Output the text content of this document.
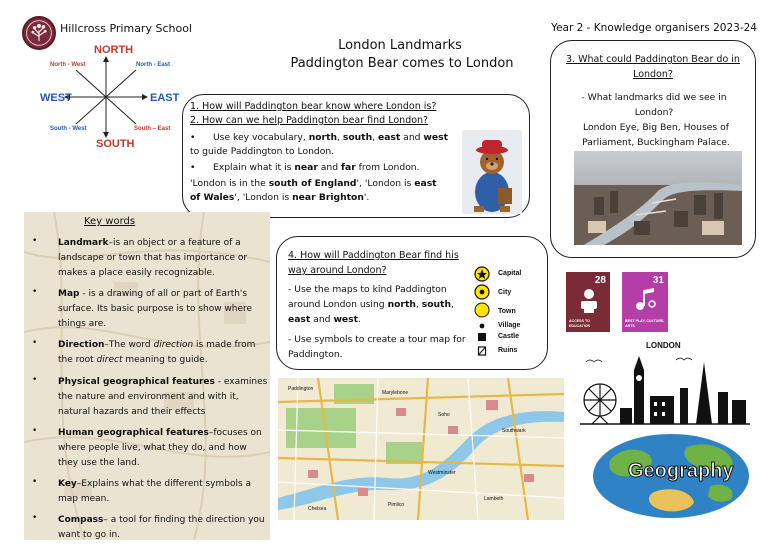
Hillcross Primary School	Year 2 - Knowledge organisers 2023-24
London Landmarks
Paddington Bear comes to London
NORTH
SOUTH
WEST	EAST
North - West	North - East
South - West	South – East
1. How will Paddington bear know where London is?
2. How can we help Paddington bear find London?
•      Use key vocabulary, north, south, east and west to guide Paddington to London.
•      Explain what it is near and far from London.
'London is in the south of England', 'London is east of Wales', 'London is near Brighton'.
3. What could Paddington Bear do in London?
- What landmarks did we see in London?
London Eye, Big Ben, Houses of Parliament, Buckingham Palace.
Key words
• Landmark–is an object or a feature of a landscape or town that has importance or makes a place easily recognizable.
• Map - is a drawing of all or part of Earth's surface. Its basic purpose is to show where things are.
• Direction–The word direction is made from the root direct meaning to guide.
• Physical geographical features - examines the nature and environment and with it, natural hazards and their effects
• Human geographical features–focuses on where people live, what they do, and how they use the land.
• Key–Explains what the different symbols a map mean.
• Compass– a tool for finding the direction you want to go in.
4. How will Paddington Bear find his way around London?
- Use the maps to kind Paddington around London using north, south, east and west.
- Use symbols to create a tour map for Paddington.
Capital
City
Town
Village
Castle
Ruins
Paddington
Marylebone
Soho
Southwark
Westminster
Pimlico
Chelsea
Lambeth
28
ACCESS TO EDUCATION
31
BEST PLAY, CULTURE, ARTS
LONDON
Geography
